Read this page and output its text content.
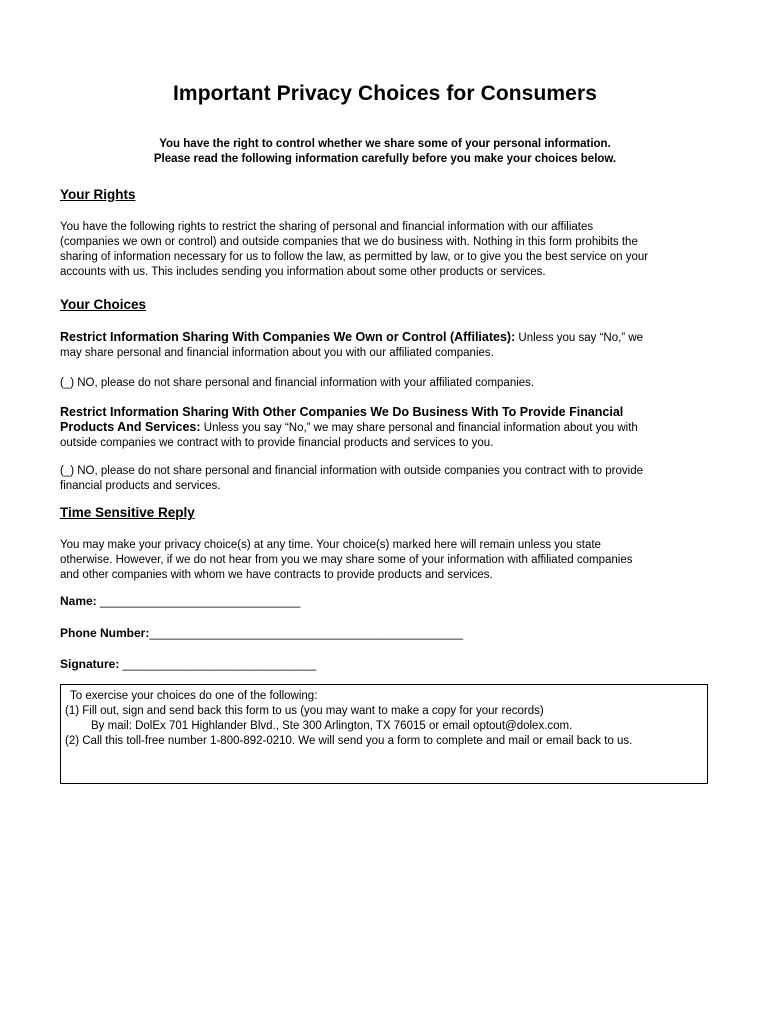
Important Privacy Choices for Consumers
You have the right to control whether we share some of your personal information.
Please read the following information carefully before you make your choices below.
Your Rights

You have the following rights to restrict the sharing of personal and financial information with our affiliates
(companies we own or control) and outside companies that we do business with. Nothing in this form prohibits the
sharing of information necessary for us to follow the law, as permitted by law, or to give you the best service on your
accounts with us. This includes sending you information about some other products or services.

Your Choices

Restrict Information Sharing With Companies We Own or Control (Affiliates): Unless you say “No,” we
may share personal and financial information about you with our affiliated companies.

(_) NO, please do not share personal and financial information with your affiliated companies.

Restrict Information Sharing With Other Companies We Do Business With To Provide Financial
Products And Services: Unless you say “No,” we may share personal and financial information about you with
outside companies we contract with to provide financial products and services to you.

(_) NO, please do not share personal and financial information with outside companies you contract with to provide
financial products and services.

Time Sensitive Reply

You may make your privacy choice(s) at any time. Your choice(s) marked here will remain unless you state
otherwise. However, if we do not hear from you we may share some of your information with affiliated companies
and other companies with whom we have contracts to provide products and services.

Name: ______________________________
Phone Number:_______________________________________________
Signature: _____________________________
To exercise your choices do one of the following:
(1) Fill out, sign and send back this form to us (you may want to make a copy for your records)
By mail: DolEx 701 Highlander Blvd., Ste 300 Arlington, TX 76015 or email optout@dolex.com.
(2) Call this toll-free number 1-800-892-0210. We will send you a form to complete and mail or email back to us.
